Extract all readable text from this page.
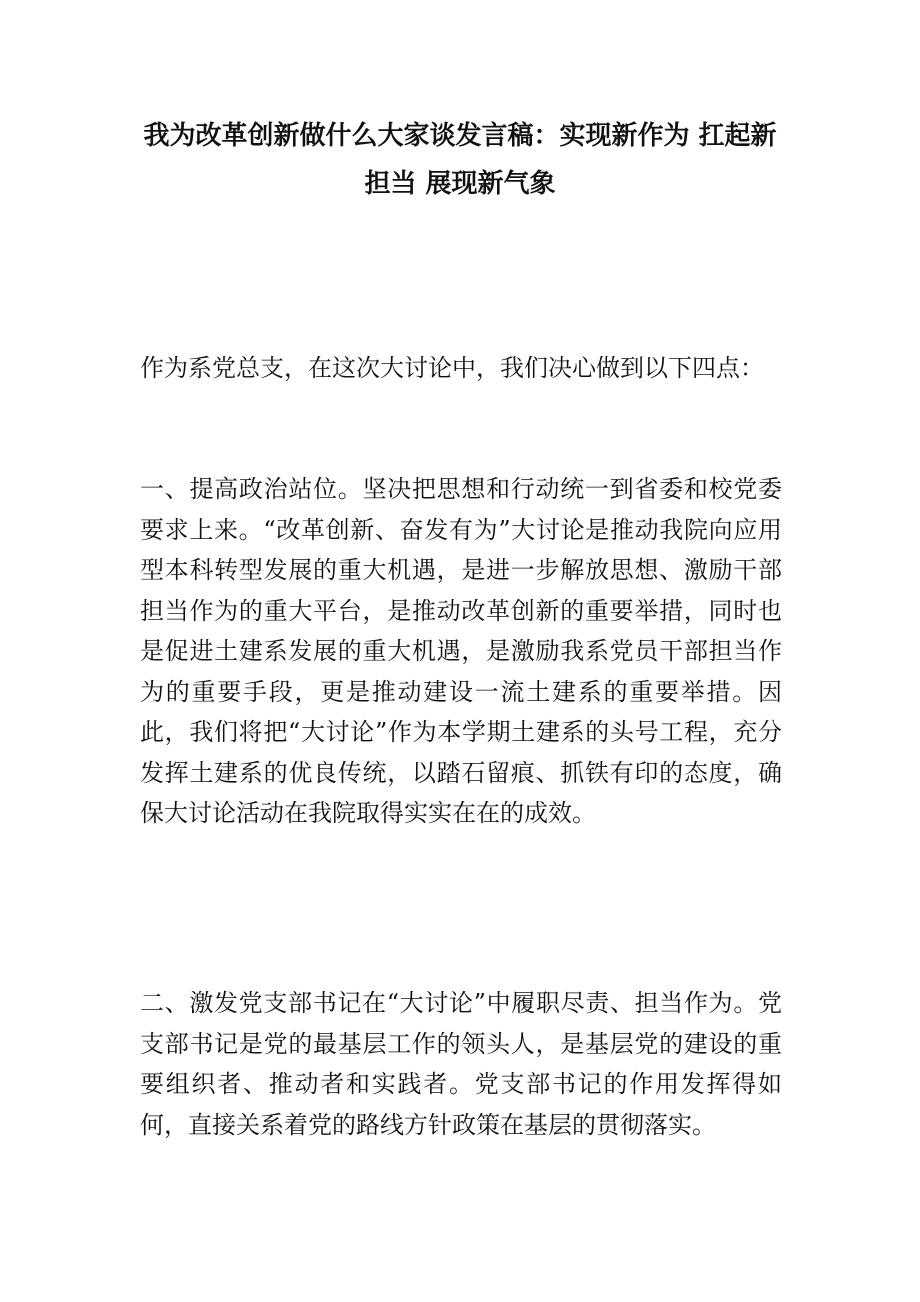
我为改革创新做什么大家谈发言稿：实现新作为 扛起新担当 展现新气象

作为系党总支，在这次大讨论中，我们决心做到以下四点：

一、提高政治站位。坚决把思想和行动统一到省委和校党委要求上来。“改革创新、奋发有为”大讨论是推动我院向应用型本科转型发展的重大机遇，是进一步解放思想、激励干部担当作为的重大平台，是推动改革创新的重要举措，同时也是促进土建系发展的重大机遇，是激励我系党员干部担当作为的重要手段，更是推动建设一流土建系的重要举措。因此，我们将把“大讨论”作为本学期土建系的头号工程，充分发挥土建系的优良传统，以踏石留痕、抓铁有印的态度，确保大讨论活动在我院取得实实在在的成效。

二、激发党支部书记在“大讨论”中履职尽责、担当作为。党支部书记是党的最基层工作的领头人，是基层党的建设的重要组织者、推动者和实践者。党支部书记的作用发挥得如何，直接关系着党的路线方针政策在基层的贯彻落实。
